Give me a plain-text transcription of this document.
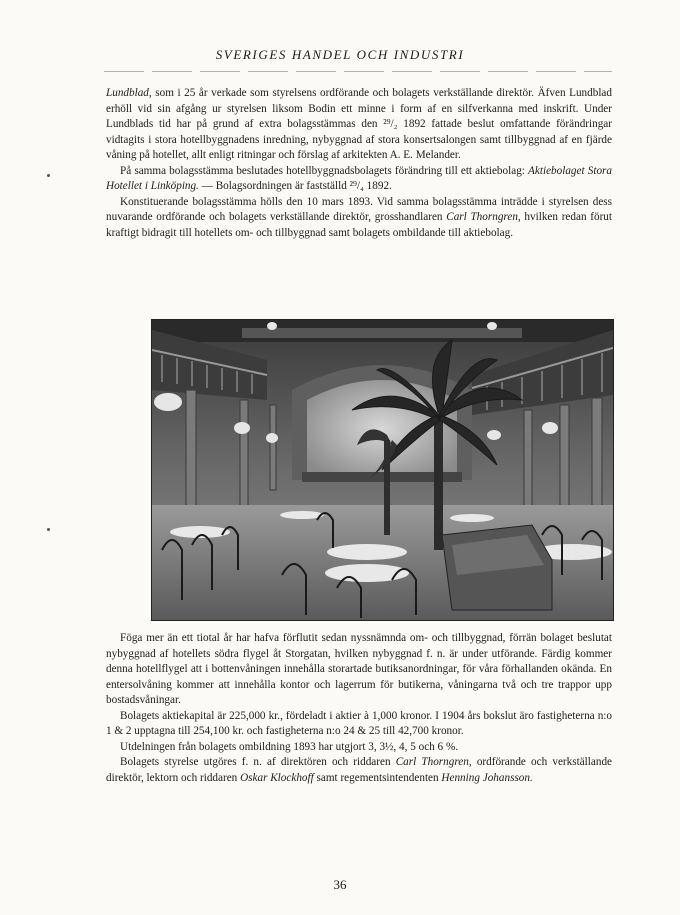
SVERIGES HANDEL OCH INDUSTRI

Lundblad, som i 25 år verkade som styrelsens ordförande och bolagets verkställande direktör. Äfven Lundblad erhöll vid sin afgång ur styrelsen liksom Bodin ett minne i form af en silfverkanna med inskrift. Under Lundblads tid har på grund af extra bolagsstämmas den ²⁹/₂ 1892 fattade beslut omfattande förändringar vidtagits i stora hotellbyggnadens inredning, nybyggnad af stora konsertsalongen samt tillbyggnad af en fjärde våning på hotellet, allt enligt ritningar och förslag af arkitekten A. E. Melander.

På samma bolagsstämma beslutades hotellbyggnadsbolagets förändring till ett aktiebolag: Aktiebolaget Stora Hotellet i Linköping. — Bolagsordningen är fastställd ²⁹/₄ 1892.

Konstituerande bolagsstämma hölls den 10 mars 1893. Vid samma bolagsstämma inträdde i styrelsen dess nuvarande ordförande och bolagets verkställande direktör, grosshandlaren Carl Thorngren, hvilken redan förut kraftigt bidragit till hotellets om- och tillbyggnad samt bolagets ombildande till aktiebolag.

Föga mer än ett tiotal år har hafva förflutit sedan nyssnämnda om- och tillbyggnad, förrän bolaget beslutat nybyggnad af hotellets södra flygel åt Storgatan, hvilken nybyggnad f. n. är under utförande. Färdig kommer denna hotellflygel att i bottenvåningen innehålla storartade butiksanordningar, för våra förhallanden okända. En entersolvåning kommer att innehålla kontor och lagerrum för butikerna, våningarna två och tre trappor upp bostadsvåningar.

Bolagets aktiekapital är 225,000 kr., fördeladt i aktier à 1,000 kronor. I 1904 års bokslut äro fastigheterna n:o 1 & 2 upptagna till 254,100 kr. och fastigheterna n:o 24 & 25 till 42,700 kronor.

Utdelningen från bolagets ombildning 1893 har utgjort 3, 3½, 4, 5 och 6 %.

Bolagets styrelse utgöres f. n. af direktören och riddaren Carl Thorngren, ordförande och verkställande direktör, lektorn och riddaren Oskar Klockhoff samt regementsintendenten Henning Johansson.

36
